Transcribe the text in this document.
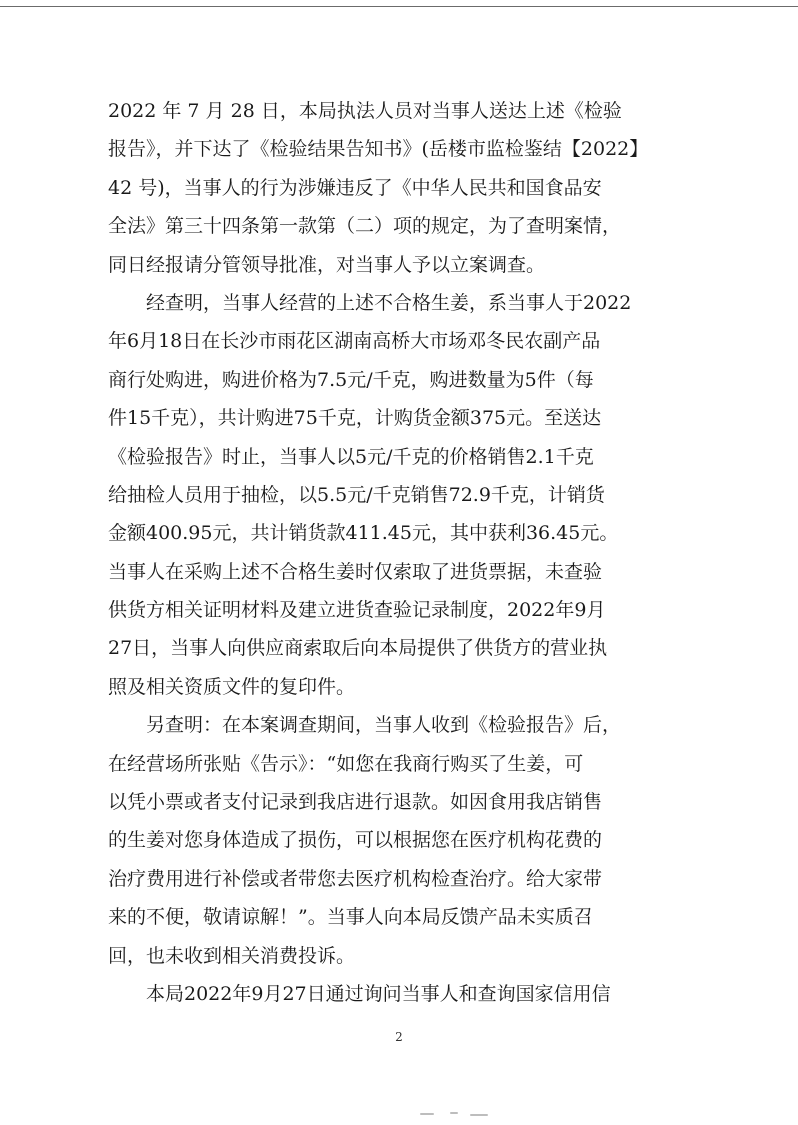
2022 年 7 月 28 日，本局执法人员对当事人送达上述《检验
报告》，并下达了《检验结果告知书》(岳楼市监检鉴结【2022】
42 号)，当事人的行为涉嫌违反了《中华人民共和国食品安
全法》第三十四条第一款第（二）项的规定，为了查明案情，
同日经报请分管领导批准，对当事人予以立案调查。
　　经查明，当事人经营的上述不合格生姜，系当事人于2022
年6月18日在长沙市雨花区湖南高桥大市场邓冬民农副产品
商行处购进，购进价格为7.5元/千克，购进数量为5件（每
件15千克），共计购进75千克，计购货金额375元。至送达
《检验报告》时止，当事人以5元/千克的价格销售2.1千克
给抽检人员用于抽检，以5.5元/千克销售72.9千克，计销货
金额400.95元，共计销货款411.45元，其中获利36.45元。
当事人在采购上述不合格生姜时仅索取了进货票据，未查验
供货方相关证明材料及建立进货查验记录制度，2022年9月
27日，当事人向供应商索取后向本局提供了供货方的营业执
照及相关资质文件的复印件。
　　另查明：在本案调查期间，当事人收到《检验报告》后，
在经营场所张贴《告示》：“如您在我商行购买了生姜，可
以凭小票或者支付记录到我店进行退款。如因食用我店销售
的生姜对您身体造成了损伤，可以根据您在医疗机构花费的
治疗费用进行补偿或者带您去医疗机构检查治疗。给大家带
来的不便，敬请谅解！”。当事人向本局反馈产品未实质召
回，也未收到相关消费投诉。
　　本局2022年9月27日通过询问当事人和查询国家信用信
2
